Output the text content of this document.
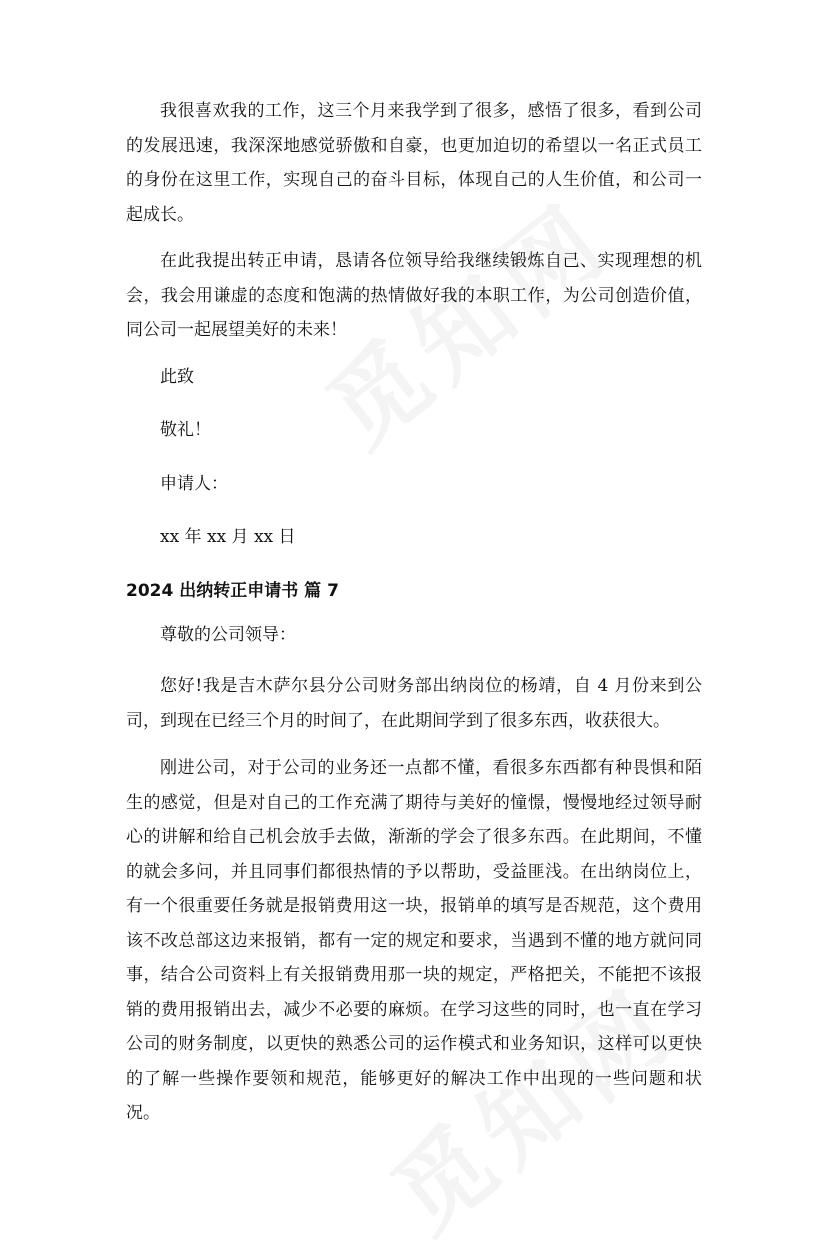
我很喜欢我的工作，这三个月来我学到了很多，感悟了很多，看到公司的发展迅速，我深深地感觉骄傲和自豪，也更加迫切的希望以一名正式员工的身份在这里工作，实现自己的奋斗目标，体现自己的人生价值，和公司一起成长。

在此我提出转正申请，恳请各位领导给我继续锻炼自己、实现理想的机会，我会用谦虚的态度和饱满的热情做好我的本职工作，为公司创造价值，同公司一起展望美好的未来！

此致

敬礼！

申请人：

xx 年 xx 月 xx 日

2024 出纳转正申请书 篇 7

尊敬的公司领导：

您好!我是吉木萨尔县分公司财务部出纳岗位的杨靖，自 4 月份来到公司，到现在已经三个月的时间了，在此期间学到了很多东西，收获很大。

刚进公司，对于公司的业务还一点都不懂，看很多东西都有种畏惧和陌生的感觉，但是对自己的工作充满了期待与美好的憧憬，慢慢地经过领导耐心的讲解和给自己机会放手去做，渐渐的学会了很多东西。在此期间，不懂的就会多问，并且同事们都很热情的予以帮助，受益匪浅。在出纳岗位上，有一个很重要任务就是报销费用这一块，报销单的填写是否规范，这个费用该不改总部这边来报销，都有一定的规定和要求，当遇到不懂的地方就问同事，结合公司资料上有关报销费用那一块的规定，严格把关，不能把不该报销的费用报销出去，减少不必要的麻烦。在学习这些的同时，也一直在学习公司的财务制度，以更快的熟悉公司的运作模式和业务知识，这样可以更快的了解一些操作要领和规范，能够更好的解决工作中出现的一些问题和状况。
